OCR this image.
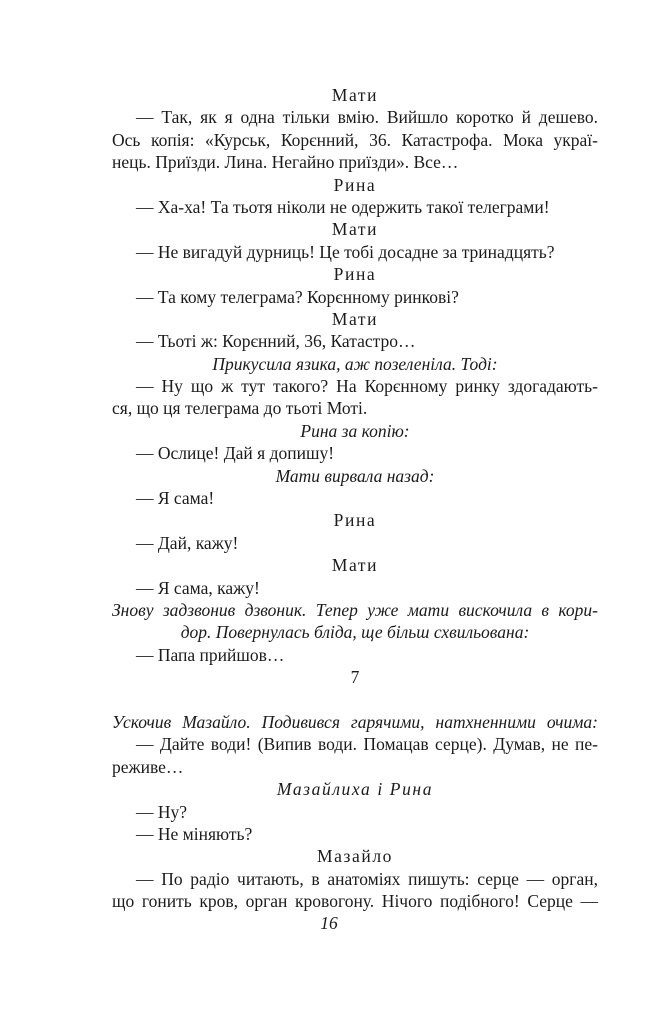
Мати
— Так, як я одна тільки вмію. Вийшло коротко й дешево.
Ось копія: «Курськ, Корєнний, 36. Катастрофа. Мока украї-
нець. Приїзди. Лина. Негайно приїзди». Все…
Рина
— Ха-ха! Та тьотя ніколи не одержить такої телеграми!
Мати
— Не вигадуй дурниць! Це тобі досадне за тринадцять?
Рина
— Та кому телеграма? Корєнному ринкові?
Мати
— Тьоті ж: Корєнний, 36, Катастро…
Прикусила язика, аж позеленіла. Тоді:
— Ну що ж тут такого? На Корєнному ринку здогадають-
ся, що ця телеграма до тьоті Моті.
Рина за копію:
— Ослице! Дай я допишу!
Мати вирвала назад:
— Я сама!
Рина
— Дай, кажу!
Мати
— Я сама, кажу!
Знову задзвонив дзвоник. Тепер уже мати вискочила в кори-
дор. Повернулась бліда, ще більш схвильована:
— Папа прийшов…
7
Ускочив Мазайло. Подивився гарячими, натхненними очима:
— Дайте води! (Випив води. Помацав серце). Думав, не пе-
реживе…
Мазайлиха і Рина
— Ну?
— Не міняють?
Мазайло
— По радіо читають, в анатоміях пишуть: серце — орган,
що гонить кров, орган кровогону. Нічого подібного! Серце —
16
